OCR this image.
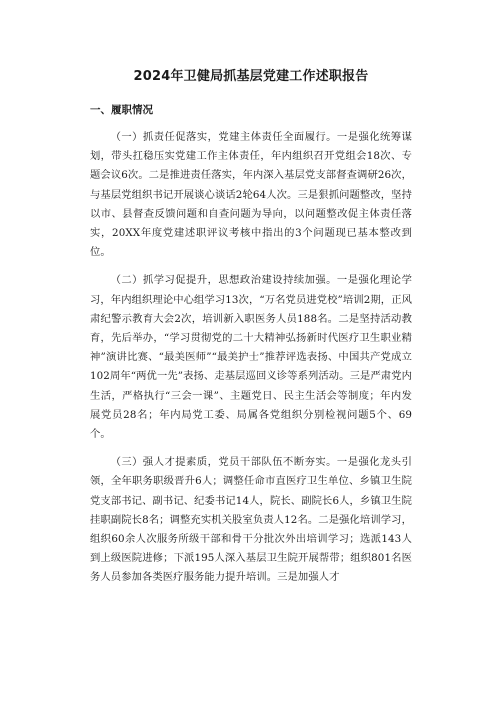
2024年卫健局抓基层党建工作述职报告
一、履职情况

（一）抓责任促落实，党建主体责任全面履行。一是强化统筹谋划，带头扛稳压实党建工作主体责任，年内组织召开党组会18次、专题会议6次。二是推进责任落实，年内深入基层党支部督查调研26次，与基层党组织书记开展谈心谈话2轮64人次。三是狠抓问题整改，坚持以市、县督查反馈问题和自查问题为导向，以问题整改促主体责任落实，20XX年度党建述职评议考核中指出的3个问题现已基本整改到位。

（二）抓学习促提升，思想政治建设持续加强。一是强化理论学习，年内组织理论中心组学习13次，“万名党员进党校”培训2期，正风肃纪警示教育大会2次，培训新入职医务人员188名。二是坚持活动教育，先后举办，“学习贯彻党的二十大精神弘扬新时代医疗卫生职业精神”演讲比赛、“最美医师”“最美护士”推荐评选表扬、中国共产党成立102周年“两优一先”表扬、走基层巡回义诊等系列活动。三是严肃党内生活，严格执行“三会一课”、主题党日、民主生活会等制度；年内发展党员28名；年内局党工委、局属各党组织分别检视问题5个、69个。

（三）强人才提素质，党员干部队伍不断夯实。一是强化龙头引领，全年职务职级晋升6人；调整任命市直医疗卫生单位、乡镇卫生院党支部书记、副书记、纪委书记14人，院长、副院长6人，乡镇卫生院挂职副院长8名；调整充实机关股室负责人12名。二是强化培训学习，组织60余人次服务所级干部和骨干分批次外出培训学习；选派143人到上级医院进修；下派195人深入基层卫生院开展帮带；组织801名医务人员参加各类医疗服务能力提升培训。三是加强人才
